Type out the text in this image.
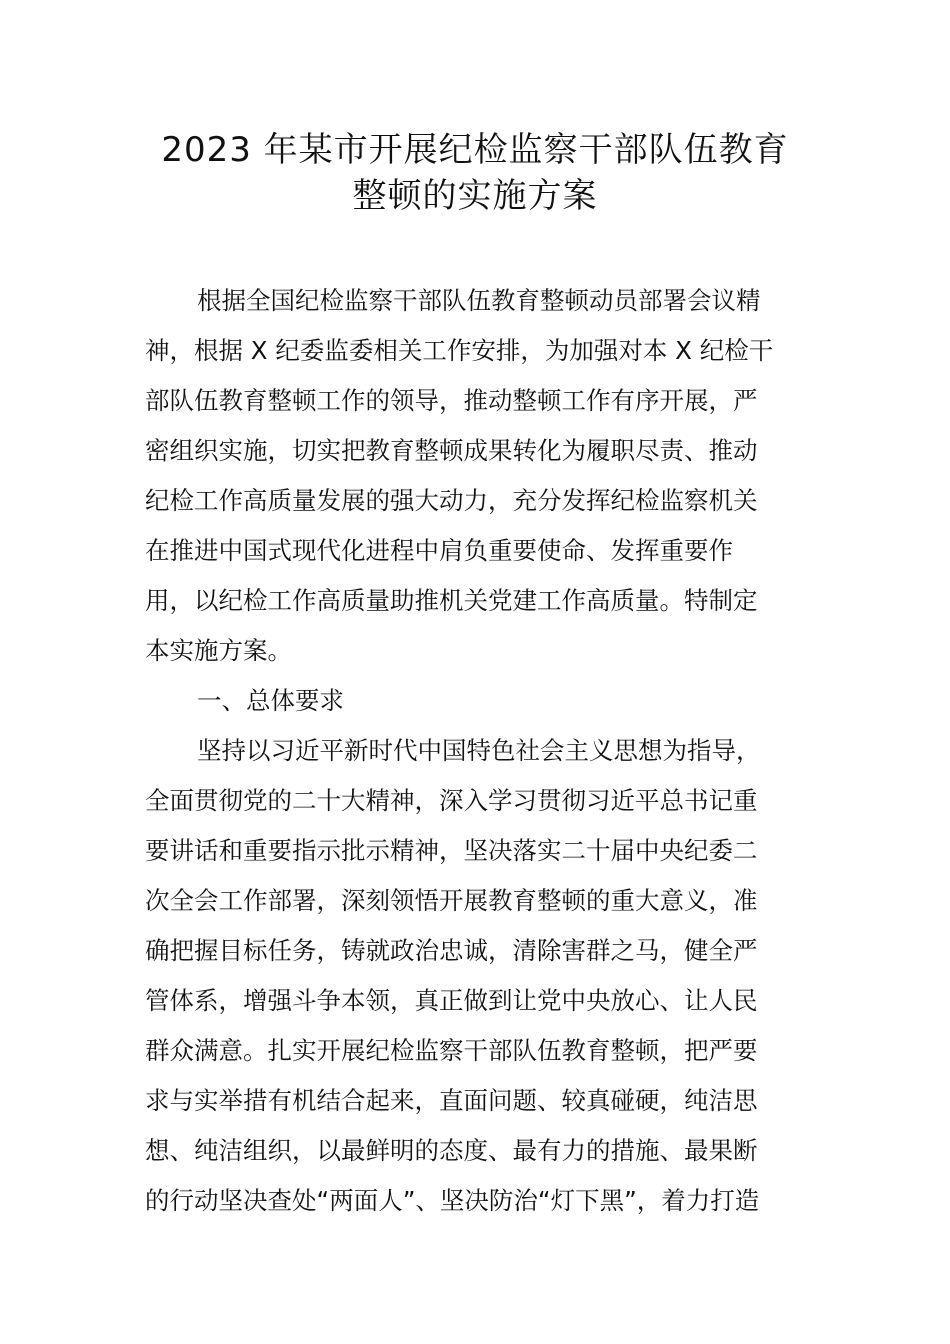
2023 年某市开展纪检监察干部队伍教育
整顿的实施方案
根据全国纪检监察干部队伍教育整顿动员部署会议精
神，根据 X 纪委监委相关工作安排，为加强对本 X 纪检干
部队伍教育整顿工作的领导，推动整顿工作有序开展，严
密组织实施，切实把教育整顿成果转化为履职尽责、推动
纪检工作高质量发展的强大动力，充分发挥纪检监察机关
在推进中国式现代化进程中肩负重要使命、发挥重要作
用，以纪检工作高质量助推机关党建工作高质量。特制定
本实施方案。
一、总体要求
坚持以习近平新时代中国特色社会主义思想为指导，
全面贯彻党的二十大精神，深入学习贯彻习近平总书记重
要讲话和重要指示批示精神，坚决落实二十届中央纪委二
次全会工作部署，深刻领悟开展教育整顿的重大意义，准
确把握目标任务，铸就政治忠诚，清除害群之马，健全严
管体系，增强斗争本领，真正做到让党中央放心、让人民
群众满意。扎实开展纪检监察干部队伍教育整顿，把严要
求与实举措有机结合起来，直面问题、较真碰硬，纯洁思
想、纯洁组织，以最鲜明的态度、最有力的措施、最果断
的行动坚决查处“两面人”、坚决防治“灯下黑”，着力打造
